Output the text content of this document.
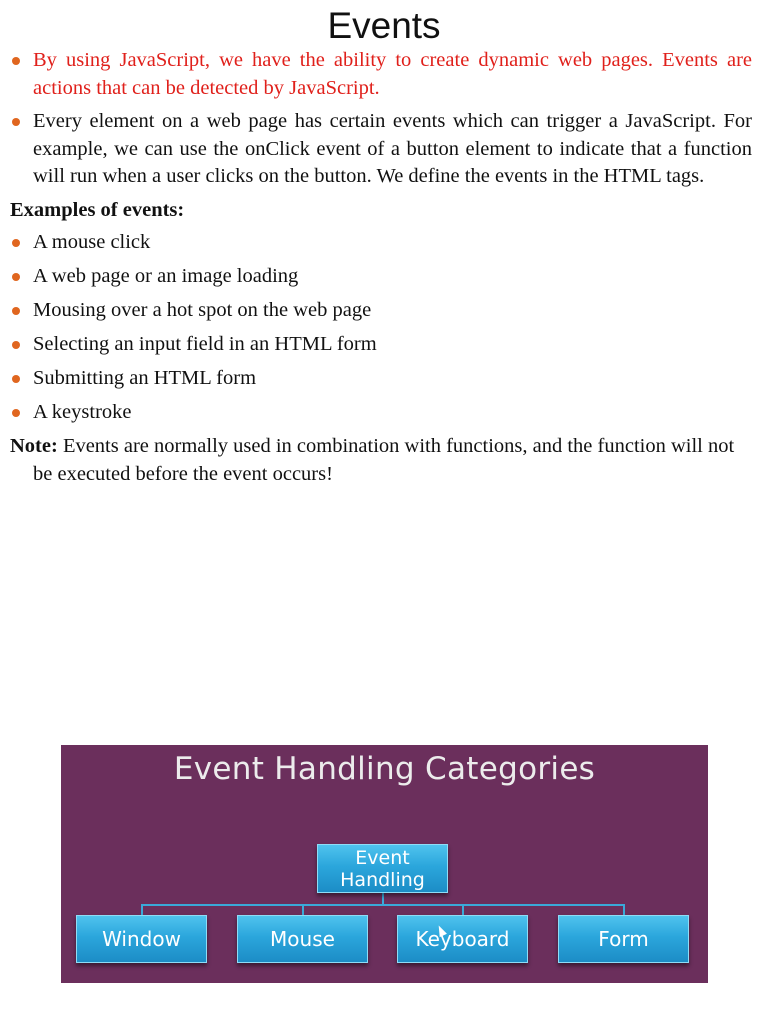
Events

By using JavaScript, we have the ability to create dynamic web pages. Events are actions that can be detected by JavaScript.

Every element on a web page has certain events which can trigger a JavaScript. For example, we can use the onClick event of a button element to indicate that a function will run when a user clicks on the button. We define the events in the HTML tags.

Examples of events:

A mouse click

A web page or an image loading

Mousing over a hot spot on the web page

Selecting an input field in an HTML form

Submitting an HTML form

A keystroke

Note: Events are normally used in combination with functions, and the function will not be executed before the event occurs!

Event Handling Categories
Event
Handling
Window	Mouse	Keyboard	Form
